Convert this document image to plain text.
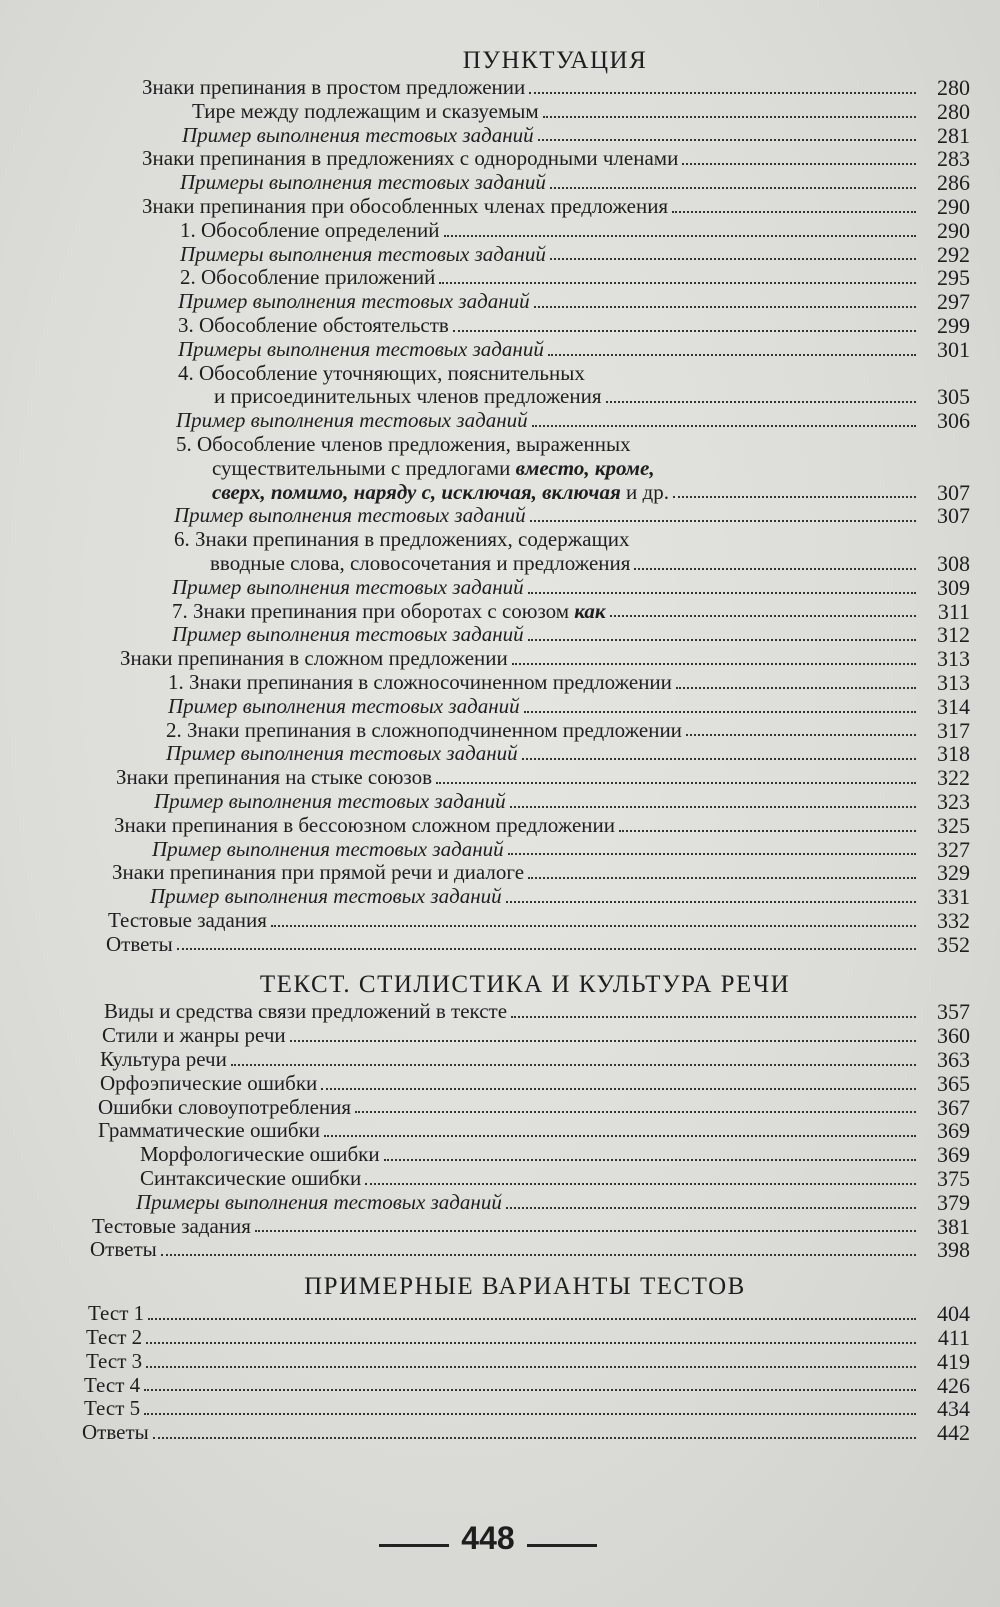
ПУНКТУАЦИЯ
Знаки препинания в простом предложении	280
Тире между подлежащим и сказуемым	280
Пример выполнения тестовых заданий	281
Знаки препинания в предложениях с однородными членами	283
Примеры выполнения тестовых заданий	286
Знаки препинания при обособленных членах предложения	290
1. Обособление определений	290
Примеры выполнения тестовых заданий	292
2. Обособление приложений	295
Пример выполнения тестовых заданий	297
3. Обособление обстоятельств	299
Примеры выполнения тестовых заданий	301
4. Обособление уточняющих, пояснительных
и присоединительных членов предложения	305
Пример выполнения тестовых заданий	306
5. Обособление членов предложения, выраженных
существительными с предлогами вместо, кроме,
сверх, помимо, наряду с, исключая, включая и др.	307
Пример выполнения тестовых заданий	307
6. Знаки препинания в предложениях, содержащих
вводные слова, словосочетания и предложения	308
Пример выполнения тестовых заданий	309
7. Знаки препинания при оборотах с союзом как	311
Пример выполнения тестовых заданий	312
Знаки препинания в сложном предложении	313
1. Знаки препинания в сложносочиненном предложении	313
Пример выполнения тестовых заданий	314
2. Знаки препинания в сложноподчиненном предложении	317
Пример выполнения тестовых заданий	318
Знаки препинания на стыке союзов	322
Пример выполнения тестовых заданий	323
Знаки препинания в бессоюзном сложном предложении	325
Пример выполнения тестовых заданий	327
Знаки препинания при прямой речи и диалоге	329
Пример выполнения тестовых заданий	331
Тестовые задания	332
Ответы	352
ТЕКСТ. СТИЛИСТИКА И КУЛЬТУРА РЕЧИ
Виды и средства связи предложений в тексте	357
Стили и жанры речи	360
Культура речи	363
Орфоэпические ошибки	365
Ошибки словоупотребления	367
Грамматические ошибки	369
Морфологические ошибки	369
Синтаксические ошибки	375
Примеры выполнения тестовых заданий	379
Тестовые задания	381
Ответы	398
ПРИМЕРНЫЕ ВАРИАНТЫ ТЕСТОВ
Тест 1	404
Тест 2	411
Тест 3	419
Тест 4	426
Тест 5	434
Ответы	442
448
